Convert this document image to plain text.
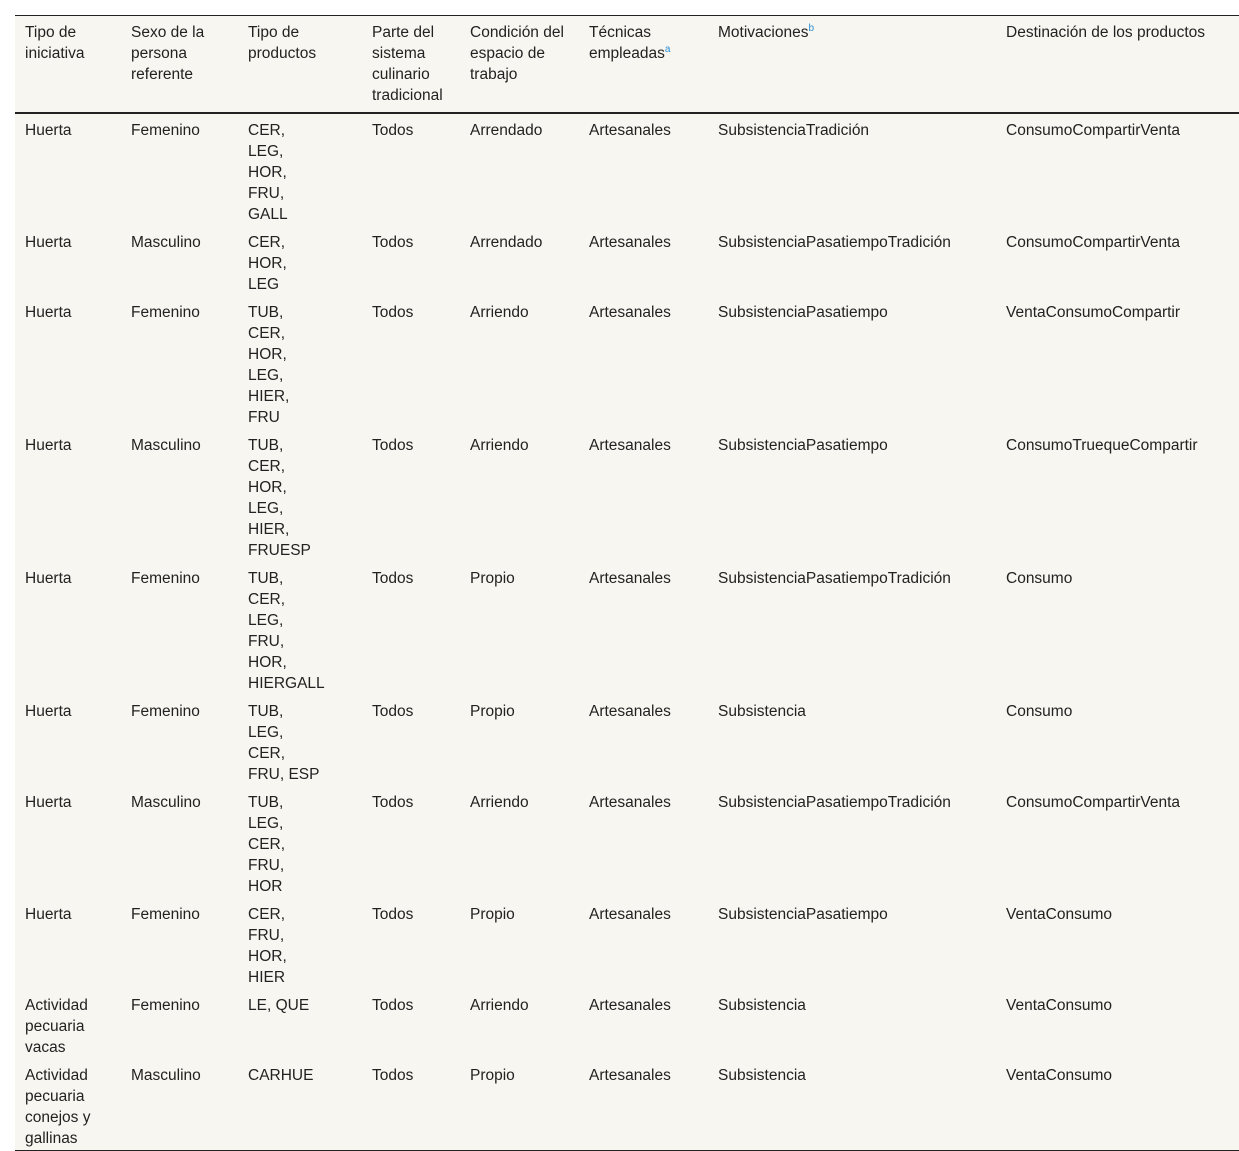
Tipo de iniciativa	Sexo de la persona referente	Tipo de productos	Parte del sistema culinario tradicional	Condición del espacio de trabajo	Técnicas empleadas$^a$	Motivaciones$^b$	Destinación de los productos
Huerta	Femenino	CER, LEG, HOR, FRU, GALL	Todos	Arrendado	Artesanales	SubsistenciaTradición	ConsumoCompartirVenta
Huerta	Masculino	CER, HOR, LEG	Todos	Arrendado	Artesanales	SubsistenciaPasatiempoTradición	ConsumoCompartirVenta
Huerta	Femenino	TUB, CER, HOR, LEG, HIER, FRU	Todos	Arriendo	Artesanales	SubsistenciaPasatiempo	VentaConsumoCompartir
Huerta	Masculino	TUB, CER, HOR, LEG, HIER, FRUESP	Todos	Arriendo	Artesanales	SubsistenciaPasatiempo	ConsumoTruequeCompartir
Huerta	Femenino	TUB, CER, LEG, FRU, HOR, HIERGALL	Todos	Propio	Artesanales	SubsistenciaPasatiempoTradición	Consumo
Huerta	Femenino	TUB, LEG, CER, FRU, ESP	Todos	Propio	Artesanales	Subsistencia	Consumo
Huerta	Masculino	TUB, LEG, CER, FRU, HOR	Todos	Arriendo	Artesanales	SubsistenciaPasatiempoTradición	ConsumoCompartirVenta
Huerta	Femenino	CER, FRU, HOR, HIER	Todos	Propio	Artesanales	SubsistenciaPasatiempo	VentaConsumo
Actividad pecuaria vacas	Femenino	LE, QUE	Todos	Arriendo	Artesanales	Subsistencia	VentaConsumo
Actividad pecuaria conejos y gallinas	Masculino	CARHUE	Todos	Propio	Artesanales	Subsistencia	VentaConsumo
